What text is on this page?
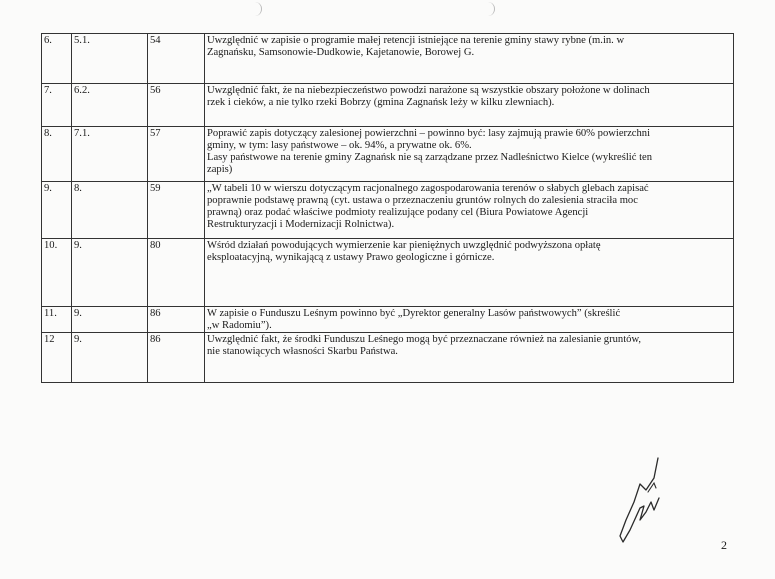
6.	5.1.	54	Uwzględnić w zapisie o programie małej retencji istniejące na terenie gminy stawy rybne (m.in. w
Zagnańsku, Samsonowie-Dudkowie, Kajetanowie, Borowej G.

7.	6.2.	56	Uwzględnić fakt, że na niebezpieczeństwo powodzi narażone są wszystkie obszary położone w dolinach
rzek i cieków, a nie tylko rzeki Bobrzy (gmina Zagnańsk leży w kilku zlewniach).

8.	7.1.	57	Poprawić zapis dotyczący zalesionej powierzchni – powinno być: lasy zajmują prawie 60% powierzchni
gminy, w tym: lasy państwowe – ok. 94%, a prywatne ok. 6%.
Lasy państwowe na terenie gminy Zagnańsk nie są zarządzane przez Nadleśnictwo Kielce (wykreślić ten
zapis)

9.	8.	59	„W tabeli 10 w wierszu dotyczącym racjonalnego zagospodarowania terenów o słabych glebach zapisać
poprawnie podstawę prawną (cyt. ustawa o przeznaczeniu gruntów rolnych do zalesienia straciła moc
prawną) oraz podać właściwe podmioty realizujące podany cel (Biura Powiatowe Agencji
Restrukturyzacji i Modernizacji Rolnictwa).

10.	9.	80	Wśród działań powodujących wymierzenie kar pieniężnych uwzględnić podwyższona opłatę
eksploatacyjną, wynikającą z ustawy Prawo geologiczne i górnicze.

11.	9.	86	W zapisie o Funduszu Leśnym powinno być „Dyrektor generalny Lasów państwowych” (skreślić
„w Radomiu”).

12	9.	86	Uwzględnić fakt, że środki Funduszu Leśnego mogą być przeznaczane również na zalesianie gruntów,
nie stanowiących własności Skarbu Państwa.
2
